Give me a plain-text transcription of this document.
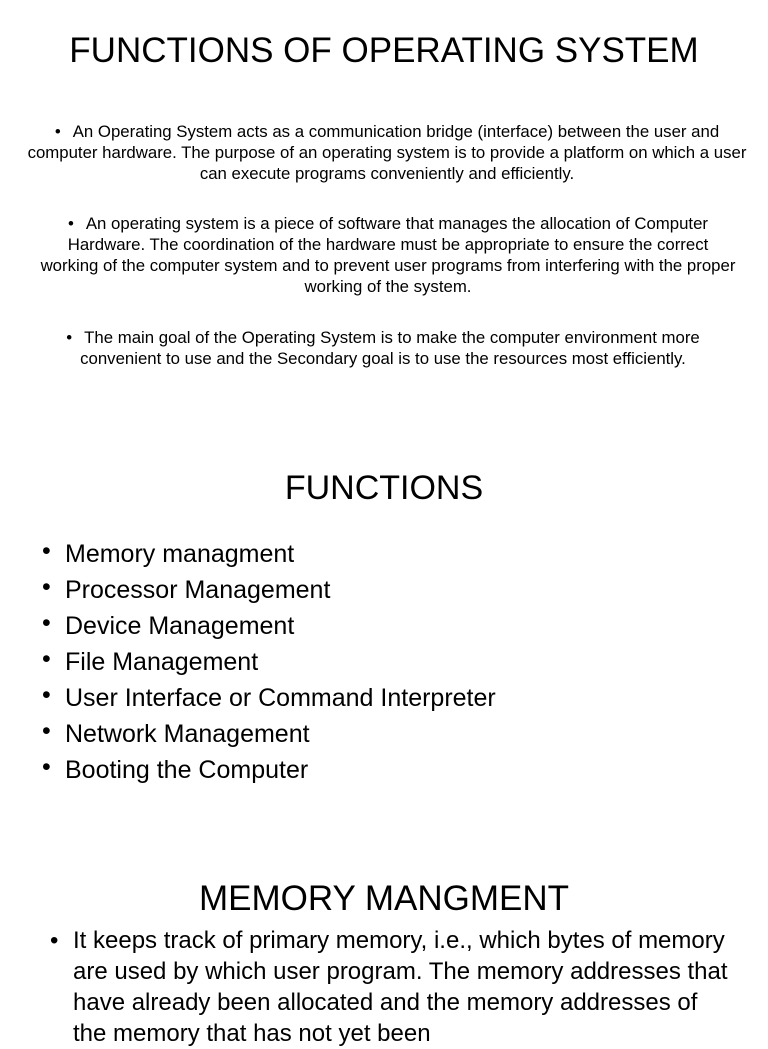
FUNCTIONS OF OPERATING SYSTEM
• An Operating System acts as a communication bridge (interface) between the user and computer hardware. The purpose of an operating system is to provide a platform on which a user can execute programs conveniently and efficiently.
• An operating system is a piece of software that manages the allocation of Computer Hardware. The coordination of the hardware must be appropriate to ensure the correct working of the computer system and to prevent user programs from interfering with the proper working of the system.
• The main goal of the Operating System is to make the computer environment more convenient to use and the Secondary goal is to use the resources most efficiently.
FUNCTIONS
• Memory managment
• Processor Management
• Device Management
• File Management
• User Interface or Command Interpreter
• Network Management
• Booting the Computer
MEMORY MANGMENT
• It keeps track of primary memory, i.e., which bytes of memory are used by which user program. The memory addresses that have already been allocated and the memory addresses of the memory that has not yet been
